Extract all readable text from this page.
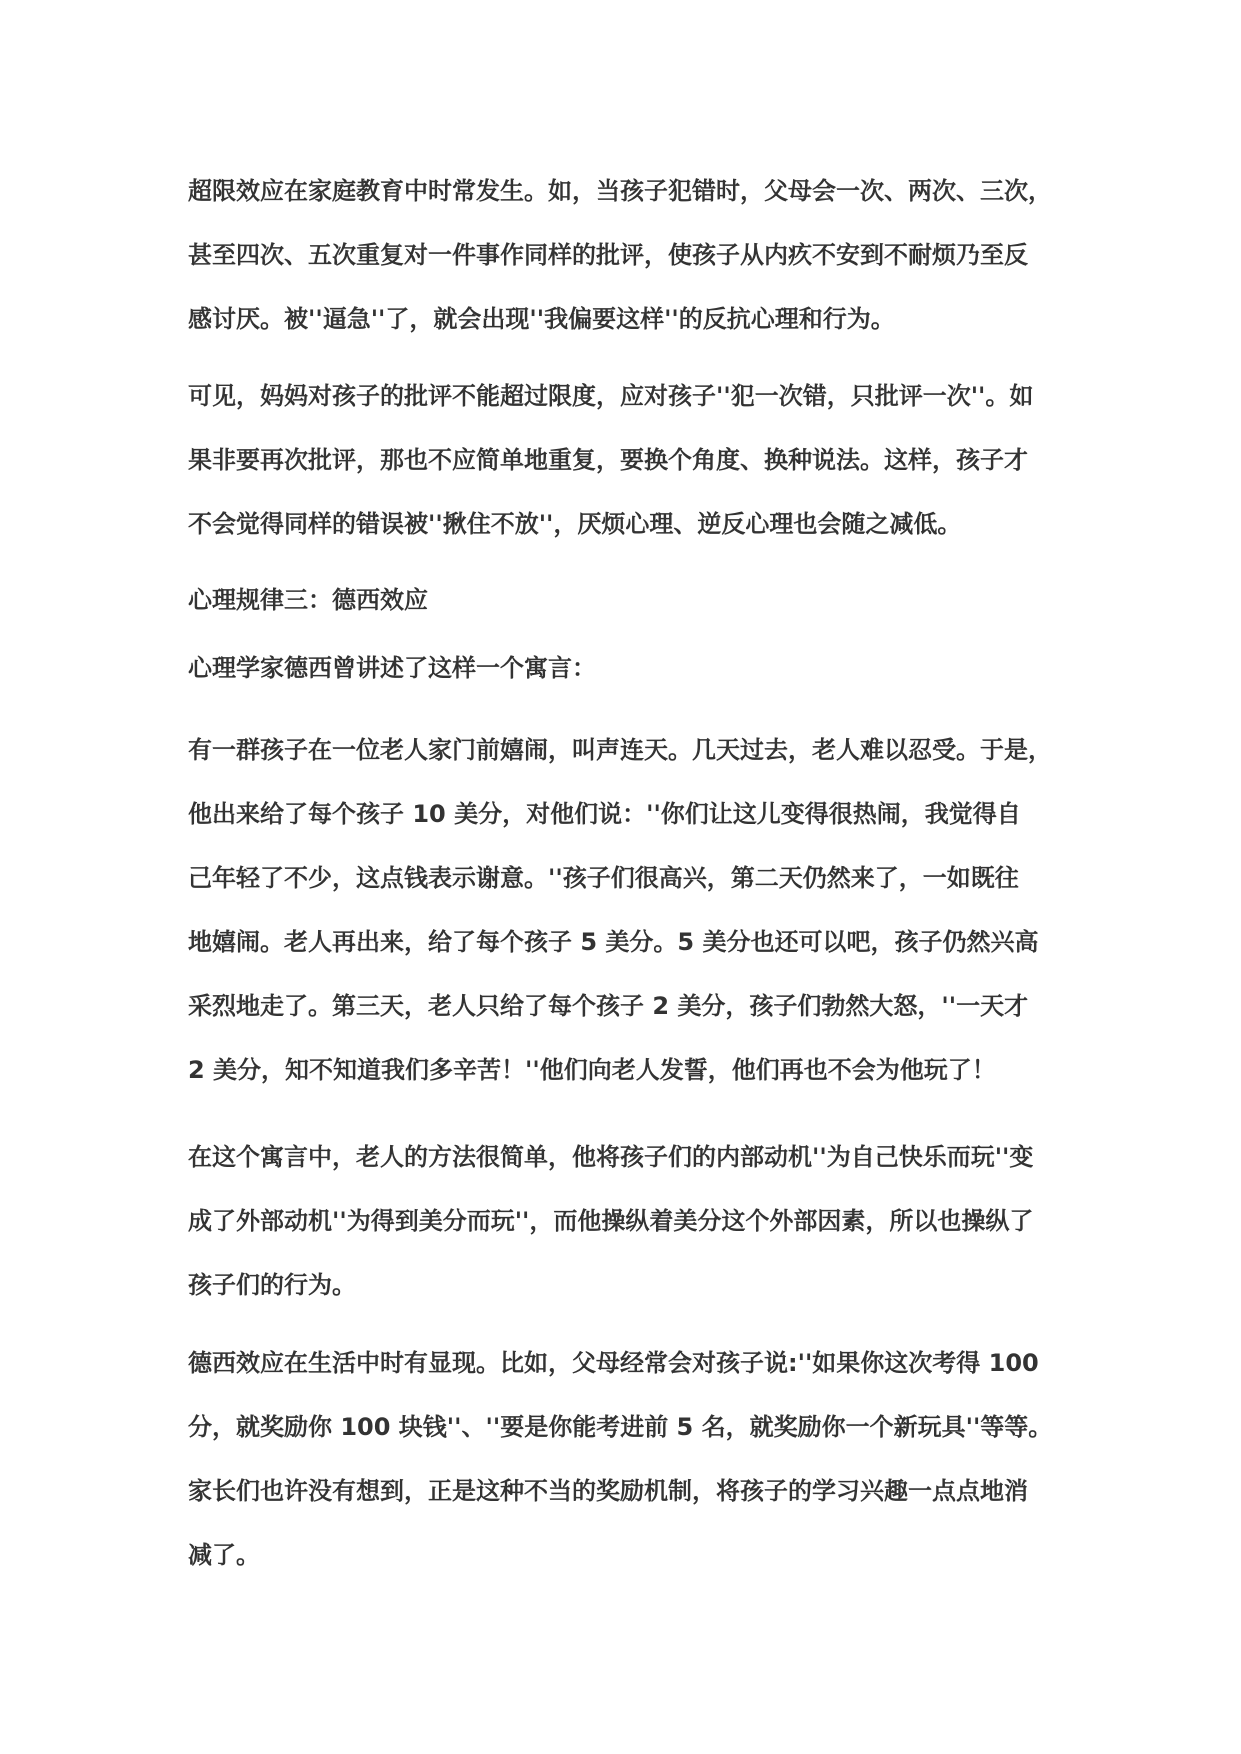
超限效应在家庭教育中时常发生。如，当孩子犯错时，父母会一次、两次、三次，
甚至四次、五次重复对一件事作同样的批评，使孩子从内疚不安到不耐烦乃至反
感讨厌。被''逼急''了，就会出现''我偏要这样''的反抗心理和行为。

可见，妈妈对孩子的批评不能超过限度，应对孩子''犯一次错，只批评一次''。如
果非要再次批评，那也不应简单地重复，要换个角度、换种说法。这样，孩子才
不会觉得同样的错误被''揪住不放''，厌烦心理、逆反心理也会随之减低。

心理规律三：德西效应

心理学家德西曾讲述了这样一个寓言：

有一群孩子在一位老人家门前嬉闹，叫声连天。几天过去，老人难以忍受。于是，
他出来给了每个孩子 10 美分，对他们说：''你们让这儿变得很热闹，我觉得自
己年轻了不少，这点钱表示谢意。''孩子们很高兴，第二天仍然来了，一如既往
地嬉闹。老人再出来，给了每个孩子 5 美分。5 美分也还可以吧，孩子仍然兴高
采烈地走了。第三天，老人只给了每个孩子 2 美分，孩子们勃然大怒，''一天才
2 美分，知不知道我们多辛苦！''他们向老人发誓，他们再也不会为他玩了！

在这个寓言中，老人的方法很简单，他将孩子们的内部动机''为自己快乐而玩''变
成了外部动机''为得到美分而玩''，而他操纵着美分这个外部因素，所以也操纵了
孩子们的行为。

德西效应在生活中时有显现。比如，父母经常会对孩子说:''如果你这次考得 100
分，就奖励你 100 块钱''、''要是你能考进前 5 名，就奖励你一个新玩具''等等。
家长们也许没有想到，正是这种不当的奖励机制，将孩子的学习兴趣一点点地消
减了。
